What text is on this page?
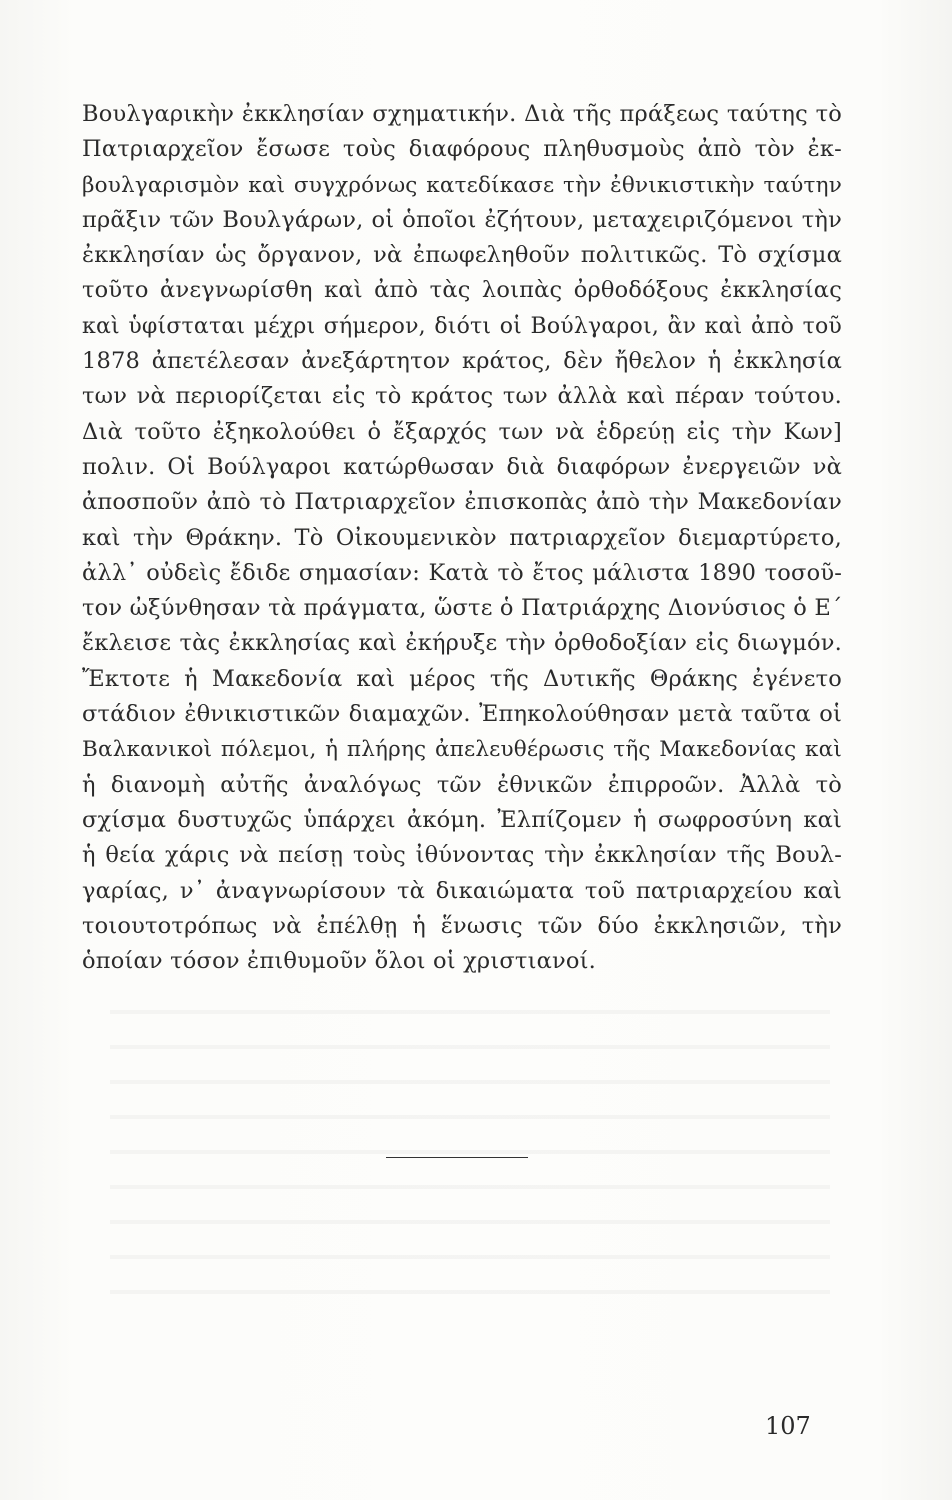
Βουλγαρικὴν ἐκκλησίαν σχηματικήν. Διὰ τῆς πράξεως ταύτης τὸ
Πατριαρχεῖον ἔσωσε τοὺς διαφόρους πληθυσμοὺς ἀπὸ τὸν ἐκ-
βουλγαρισμὸν καὶ συγχρόνως κατεδίκασε τὴν ἐθνικιστικὴν ταύτην
πρᾶξιν τῶν Βουλγάρων, οἱ ὁποῖοι ἐζήτουν, μεταχειριζόμενοι τὴν
ἐκκλησίαν ὡς ὄργανον, νὰ ἐπωφεληθοῦν πολιτικῶς. Τὸ σχίσμα
τοῦτο ἀνεγνωρίσθη καὶ ἀπὸ τὰς λοιπὰς ὀρθοδόξους ἐκκλησίας
καὶ ὑφίσταται μέχρι σήμερον, διότι οἱ Βούλγαροι, ἂν καὶ ἀπὸ τοῦ
1878 ἀπετέλεσαν ἀνεξάρτητον κράτος, δὲν ἤθελον ἡ ἐκκλησία
των νὰ περιορίζεται εἰς τὸ κράτος των ἀλλὰ καὶ πέραν τούτου.
Διὰ τοῦτο ἐξηκολούθει ὁ ἔξαρχός των νὰ ἑδρεύῃ εἰς τὴν Κων]
πολιν. Οἱ Βούλγαροι κατώρθωσαν διὰ διαφόρων ἐνεργειῶν νὰ
ἀποσποῦν ἀπὸ τὸ Πατριαρχεῖον ἐπισκοπὰς ἀπὸ τὴν Μακεδονίαν
καὶ τὴν Θράκην. Τὸ Οἰκουμενικὸν πατριαρχεῖον διεμαρτύρετο,
ἀλλ᾽ οὐδεὶς ἔδιδε σημασίαν: Κατὰ τὸ ἔτος μάλιστα 1890 τοσοῦ-
τον ὠξύνθησαν τὰ πράγματα, ὥστε ὁ Πατριάρχης Διονύσιος ὁ Ε΄
ἔκλεισε τὰς ἐκκλησίας καὶ ἐκήρυξε τὴν ὀρθοδοξίαν εἰς διωγμόν.
Ἔκτοτε ἡ Μακεδονία καὶ μέρος τῆς Δυτικῆς Θράκης ἐγένετο
στάδιον ἐθνικιστικῶν διαμαχῶν. Ἐπηκολούθησαν μετὰ ταῦτα οἱ
Βαλκανικοὶ πόλεμοι, ἡ πλήρης ἀπελευθέρωσις τῆς Μακεδονίας καὶ
ἡ διανομὴ αὐτῆς ἀναλόγως τῶν ἐθνικῶν ἐπιρροῶν. Ἀλλὰ τὸ
σχίσμα δυστυχῶς ὑπάρχει ἀκόμη. Ἐλπίζομεν ἡ σωφροσύνη καὶ
ἡ θεία χάρις νὰ πείσῃ τοὺς ἰθύνοντας τὴν ἐκκλησίαν τῆς Βουλ-
γαρίας, ν᾽ ἀναγνωρίσουν τὰ δικαιώματα τοῦ πατριαρχείου καὶ
τοιουτοτρόπως νὰ ἐπέλθῃ ἡ ἕνωσις τῶν δύο ἐκκλησιῶν, τὴν
ὁποίαν τόσον ἐπιθυμοῦν ὅλοι οἱ χριστιανοί.
107
